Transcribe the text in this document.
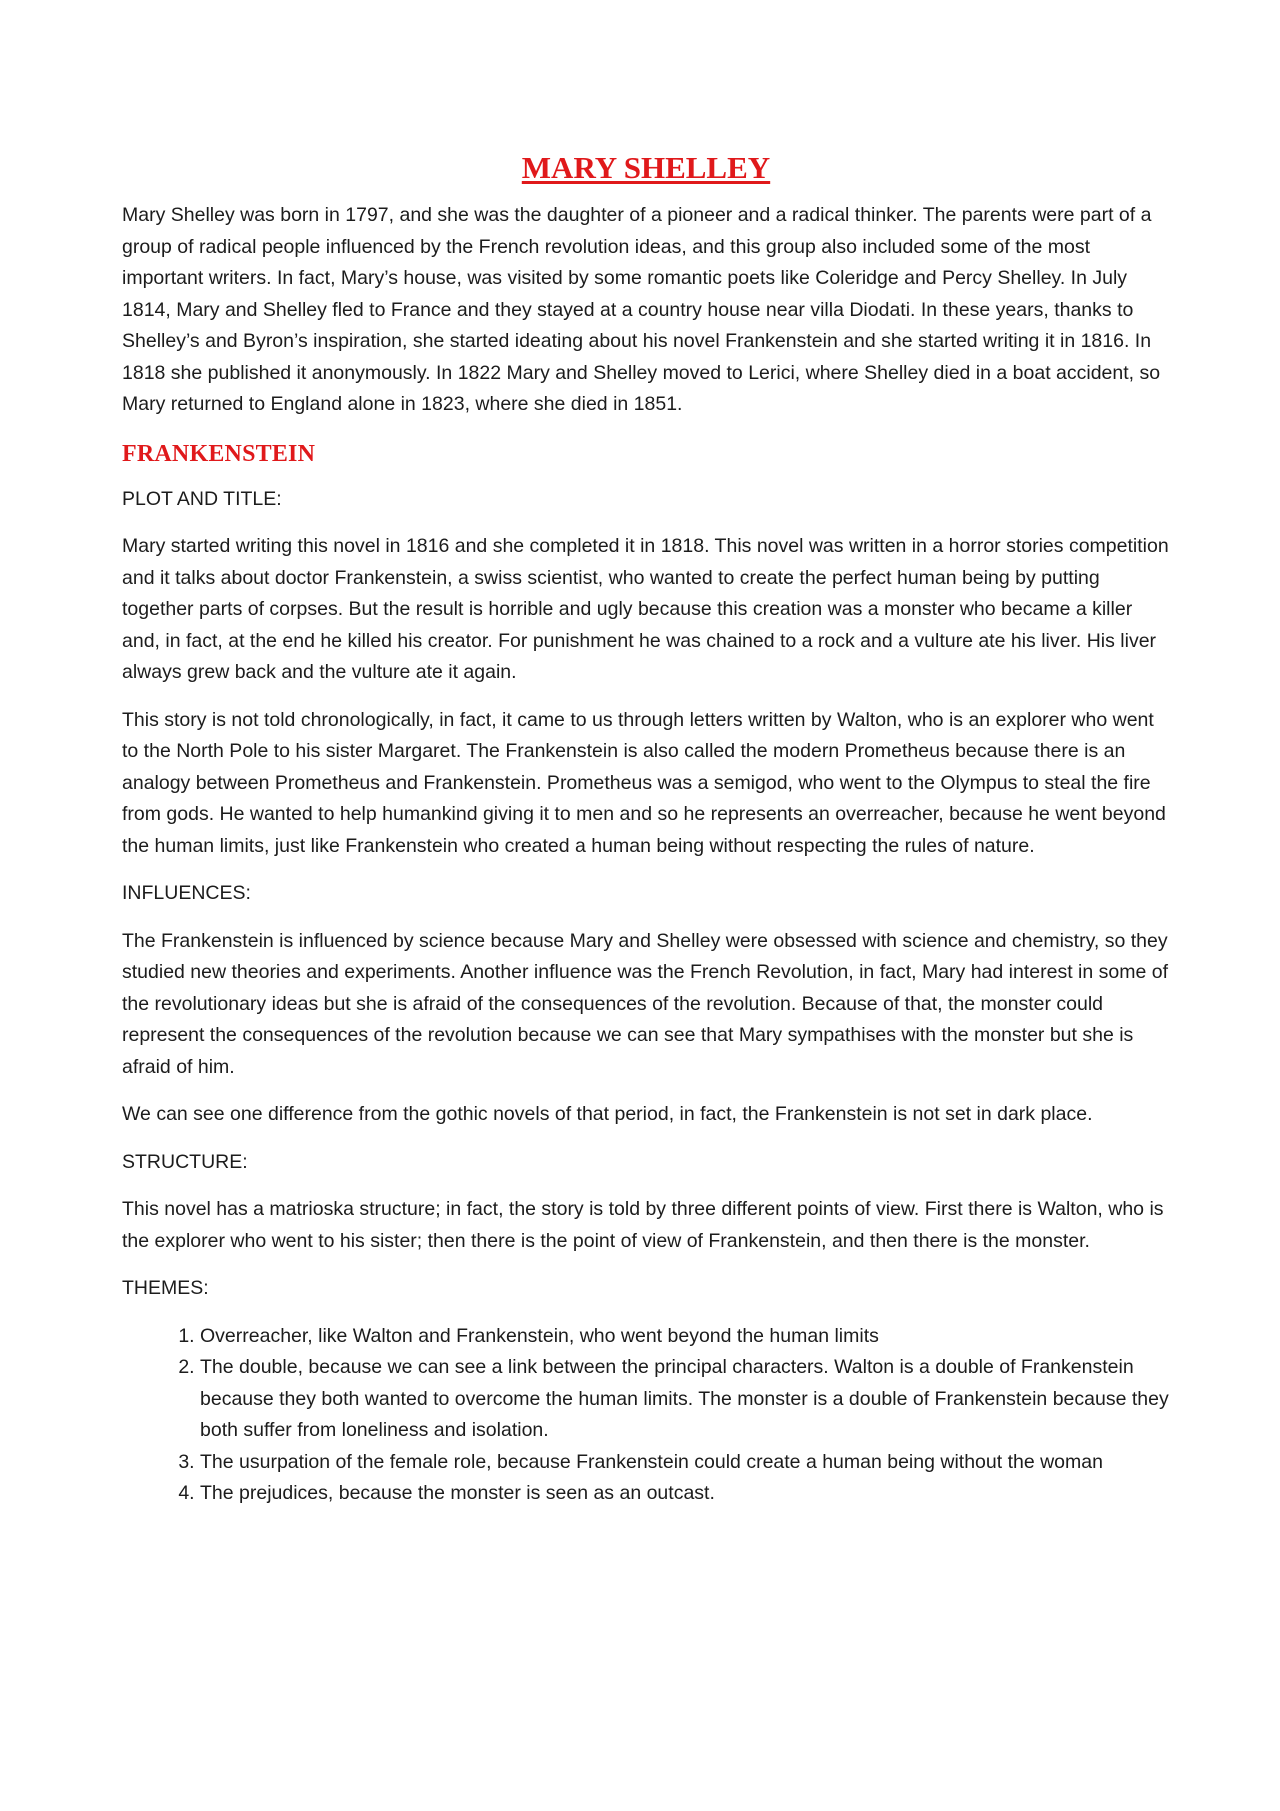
MARY SHELLEY

Mary Shelley was born in 1797, and she was the daughter of a pioneer and a radical thinker. The parents were part of a group of radical people influenced by the French revolution ideas, and this group also included some of the most important writers. In fact, Mary’s house, was visited by some romantic poets like Coleridge and Percy Shelley. In July 1814, Mary and Shelley fled to France and they stayed at a country house near villa Diodati. In these years, thanks to Shelley’s and Byron’s inspiration, she started ideating about his novel Frankenstein and she started writing it in 1816. In 1818 she published it anonymously. In 1822 Mary and Shelley moved to Lerici, where Shelley died in a boat accident, so Mary returned to England alone in 1823, where she died in 1851.

FRANKENSTEIN
PLOT AND TITLE:

Mary started writing this novel in 1816 and she completed it in 1818. This novel was written in a horror stories competition and it talks about doctor Frankenstein, a swiss scientist, who wanted to create the perfect human being by putting together parts of corpses. But the result is horrible and ugly because this creation was a monster who became a killer and, in fact, at the end he killed his creator. For punishment he was chained to a rock and a vulture ate his liver. His liver always grew back and the vulture ate it again.

This story is not told chronologically, in fact, it came to us through letters written by Walton, who is an explorer who went to the North Pole to his sister Margaret. The Frankenstein is also called the modern Prometheus because there is an analogy between Prometheus and Frankenstein. Prometheus was a semigod, who went to the Olympus to steal the fire from gods. He wanted to help humankind giving it to men and so he represents an overreacher, because he went beyond the human limits, just like Frankenstein who created a human being without respecting the rules of nature.

INFLUENCES:

The Frankenstein is influenced by science because Mary and Shelley were obsessed with science and chemistry, so they studied new theories and experiments. Another influence was the French Revolution, in fact, Mary had interest in some of the revolutionary ideas but she is afraid of the consequences of the revolution. Because of that, the monster could represent the consequences of the revolution because we can see that Mary sympathises with the monster but she is afraid of him.

We can see one difference from the gothic novels of that period, in fact, the Frankenstein is not set in dark place.

STRUCTURE:

This novel has a matrioska structure; in fact, the story is told by three different points of view. First there is Walton, who is the explorer who went to his sister; then there is the point of view of Frankenstein, and then there is the monster.

THEMES:
1. Overreacher, like Walton and Frankenstein, who went beyond the human limits
2. The double, because we can see a link between the principal characters. Walton is a double of Frankenstein because they both wanted to overcome the human limits. The monster is a double of Frankenstein because they both suffer from loneliness and isolation.
3. The usurpation of the female role, because Frankenstein could create a human being without the woman
4. The prejudices, because the monster is seen as an outcast.
